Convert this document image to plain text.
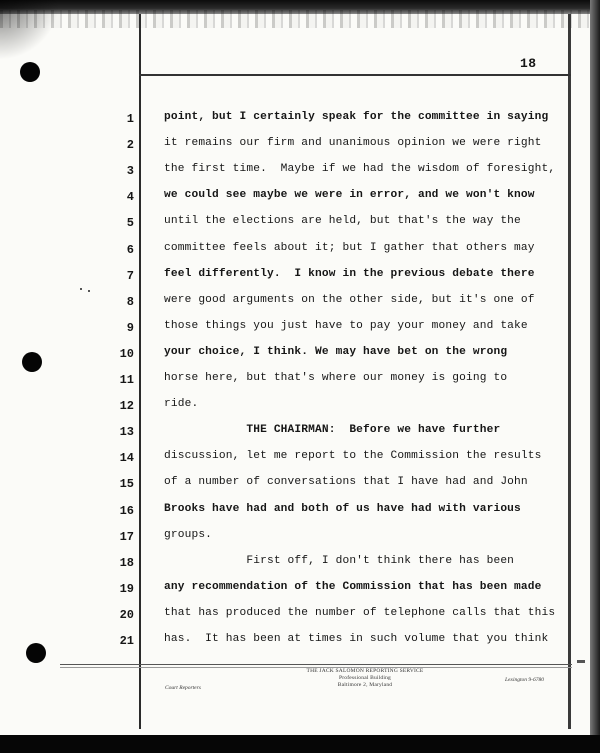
18
1	point, but I certainly speak for the committee in saying
2	it remains our firm and unanimous opinion we were right
3	the first time.  Maybe if we had the wisdom of foresight,
4	we could see maybe we were in error, and we won't know
5	until the elections are held, but that's the way the
6	committee feels about it; but I gather that others may
7	feel differently.  I know in the previous debate there
8	were good arguments on the other side, but it's one of
9	those things you just have to pay your money and take
10	your choice, I think. We may have bet on the wrong
11	horse here, but that's where our money is going to
12	ride.
13	THE CHAIRMAN:  Before we have further
14	discussion, let me report to the Commission the results
15	of a number of conversations that I have had and John
16	Brooks have had and both of us have had with various
17	groups.
18	First off, I don't think there has been
19	any recommendation of the Commission that has been made
20	that has produced the number of telephone calls that this
21	has.  It has been at times in such volume that you think
THE JACK SALOMON REPORTING SERVICE
Professional Building
Baltimore 2, Maryland
Court Reporters
Lexington 9-6780
